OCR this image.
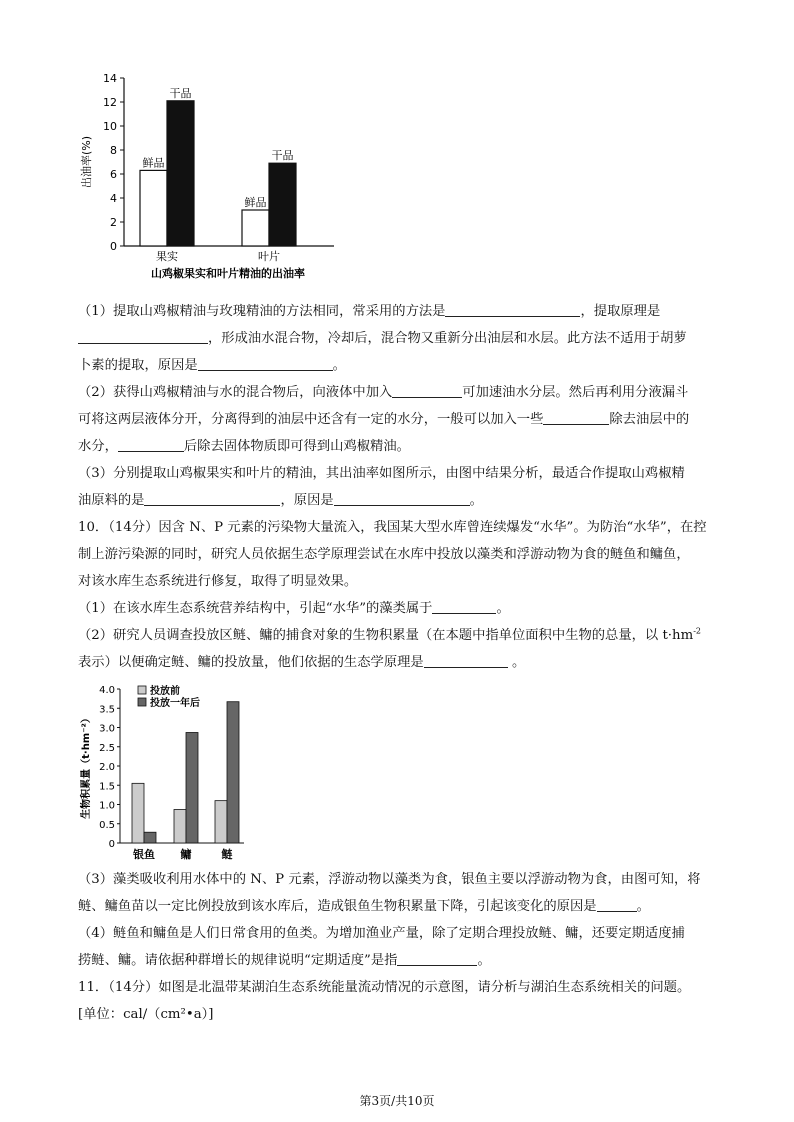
0
2
4
6
8
10
12
14
出油率(%)	鲜品
干品
果实
鲜品
干品
叶片
山鸡椒果实和叶片精油的出油率
（1）提取山鸡椒精油与玫瑰精油的方法相同，常采用的方法是	，提取原理是
，形成油水混合物，冷却后，混合物又重新分出油层和水层。此方法不适用于胡萝
卜素的提取，原因是	。
（2）获得山鸡椒精油与水的混合物后，向液体中加入	可加速油水分层。然后再利用分液漏斗
可将这两层液体分开，分离得到的油层中还含有一定的水分，一般可以加入一些	除去油层中的
水分，	后除去固体物质即可得到山鸡椒精油。
（3）分别提取山鸡椒果实和叶片的精油，其出油率如图所示，由图中结果分析，最适合作提取山鸡椒精
油原料的是	，原因是	。
10．（14分）因含 N、P 元素的污染物大量流入，我国某大型水库曾连续爆发“水华”。为防治“水华”，在控
制上游污染源的同时，研究人员依据生态学原理尝试在水库中投放以藻类和浮游动物为食的鲢鱼和鳙鱼，
对该水库生态系统进行修复，取得了明显效果。
（1）在该水库生态系统营养结构中，引起“水华”的藻类属于	。
（2）研究人员调查投放区鲢、鳙的捕食对象的生物积累量（在本题中指单位面积中生物的总量，以 $t\cdot hm^{-2}$
表示）以便确定鲢、鳙的投放量，他们依据的生态学原理是	。
0
0.5
1.0
1.5
2.0
2.5
3.0
3.5
4.0
生物积累量（t·hm⁻²）
银鱼 鳙	鲢
投放前
投放一年后
（3）藻类吸收利用水体中的 N、P 元素，浮游动物以藻类为食，银鱼主要以浮游动物为食，由图可知，将
鲢、鳙鱼苗以一定比例投放到该水库后，造成银鱼生物积累量下降，引起该变化的原因是	。
（4）鲢鱼和鳙鱼是人们日常食用的鱼类。为增加渔业产量，除了定期合理投放鲢、鳙，还要定期适度捕
捞鲢、鳙。请依据种群增长的规律说明“定期适度”是指	。
11．（14分）如图是北温带某湖泊生态系统能量流动情况的示意图，请分析与湖泊生态系统相关的问题。
[单位：cal/（cm²•a）]
第3页/共10页
